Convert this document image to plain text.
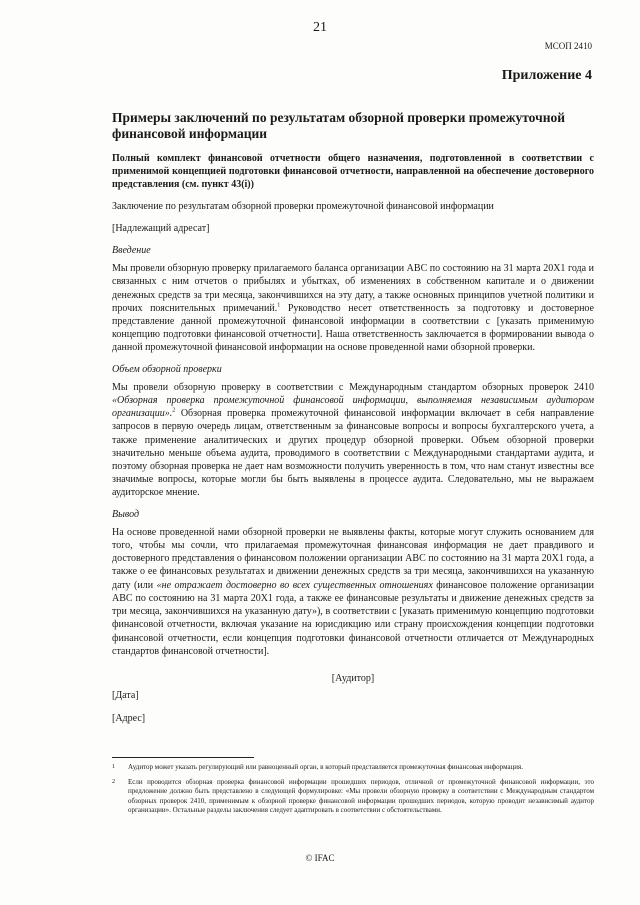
21
МСОП 2410
Приложение 4
Примеры заключений по результатам обзорной проверки промежуточной финансовой информации

Полный комплект финансовой отчетности общего назначения, подготовленной в соответствии с применимой концепцией подготовки финансовой отчетности, направленной на обеспечение достоверного представления (см. пункт 43(i))

Заключение по результатам обзорной проверки промежуточной финансовой информации

[Надлежащий адресат]

Введение

Мы провели обзорную проверку прилагаемого баланса организации АВС по состоянию на 31 марта 20X1 года и связанных с ним отчетов о прибылях и убытках, об изменениях в собственном капитале и о движении денежных средств за три месяца, закончившихся на эту дату, а также основных принципов учетной политики и прочих пояснительных примечаний.$^1$ Руководство несет ответственность за подготовку и достоверное представление данной промежуточной финансовой информации в соответствии с [указать применимую концепцию подготовки финансовой отчетности]. Наша ответственность заключается в формировании вывода о данной промежуточной финансовой информации на основе проведенной нами обзорной проверки.

Объем обзорной проверки

Мы провели обзорную проверку в соответствии с Международным стандартом обзорных проверок 2410 «Обзорная проверка промежуточной финансовой информации, выполняемая независимым аудитором организации».$^2$ Обзорная проверка промежуточной финансовой информации включает в себя направление запросов в первую очередь лицам, ответственным за финансовые вопросы и вопросы бухгалтерского учета, а также применение аналитических и других процедур обзорной проверки. Объем обзорной проверки значительно меньше объема аудита, проводимого в соответствии с Международными стандартами аудита, и поэтому обзорная проверка не дает нам возможности получить уверенность в том, что нам станут известны все значимые вопросы, которые могли бы быть выявлены в процессе аудита. Следовательно, мы не выражаем аудиторское мнение.

Вывод

На основе проведенной нами обзорной проверки не выявлены факты, которые могут служить основанием для того, чтобы мы сочли, что прилагаемая промежуточная финансовая информация не дает правдивого и достоверного представления о финансовом положении организации АВС по состоянию на 31 марта 20X1 года, а также о ее финансовых результатах и движении денежных средств за три месяца, закончившихся на указанную дату (или «не отражает достоверно во всех существенных отношениях финансовое положение организации АВС по состоянию на 31 марта 20X1 года, а также ее финансовые результаты и движение денежных средств за три месяца, закончившихся на указанную дату»), в соответствии с [указать применимую концепцию подготовки финансовой отчетности, включая указание на юрисдикцию или страну происхождения концепции подготовки финансовой отчетности, если концепция подготовки финансовой отчетности отличается от Международных стандартов финансовой отчетности].

[Аудитор]

[Дата]

[Адрес]

1	Аудитор может указать регулирующий или равноценный орган, в который представляется промежуточная финансовая информация.
2	Если проводится обзорная проверка финансовой информации прошедших периодов, отличной от промежуточной финансовой информации, это предложение должно быть представлено в следующей формулировке: «Мы провели обзорную проверку в соответствии с Международным стандартом обзорных проверок 2410, применимым к обзорной проверке финансовой информации прошедших периодов, которую проводит независимый аудитор организации». Остальные разделы заключения следует адаптировать в соответствии с обстоятельствами.
© IFAC
